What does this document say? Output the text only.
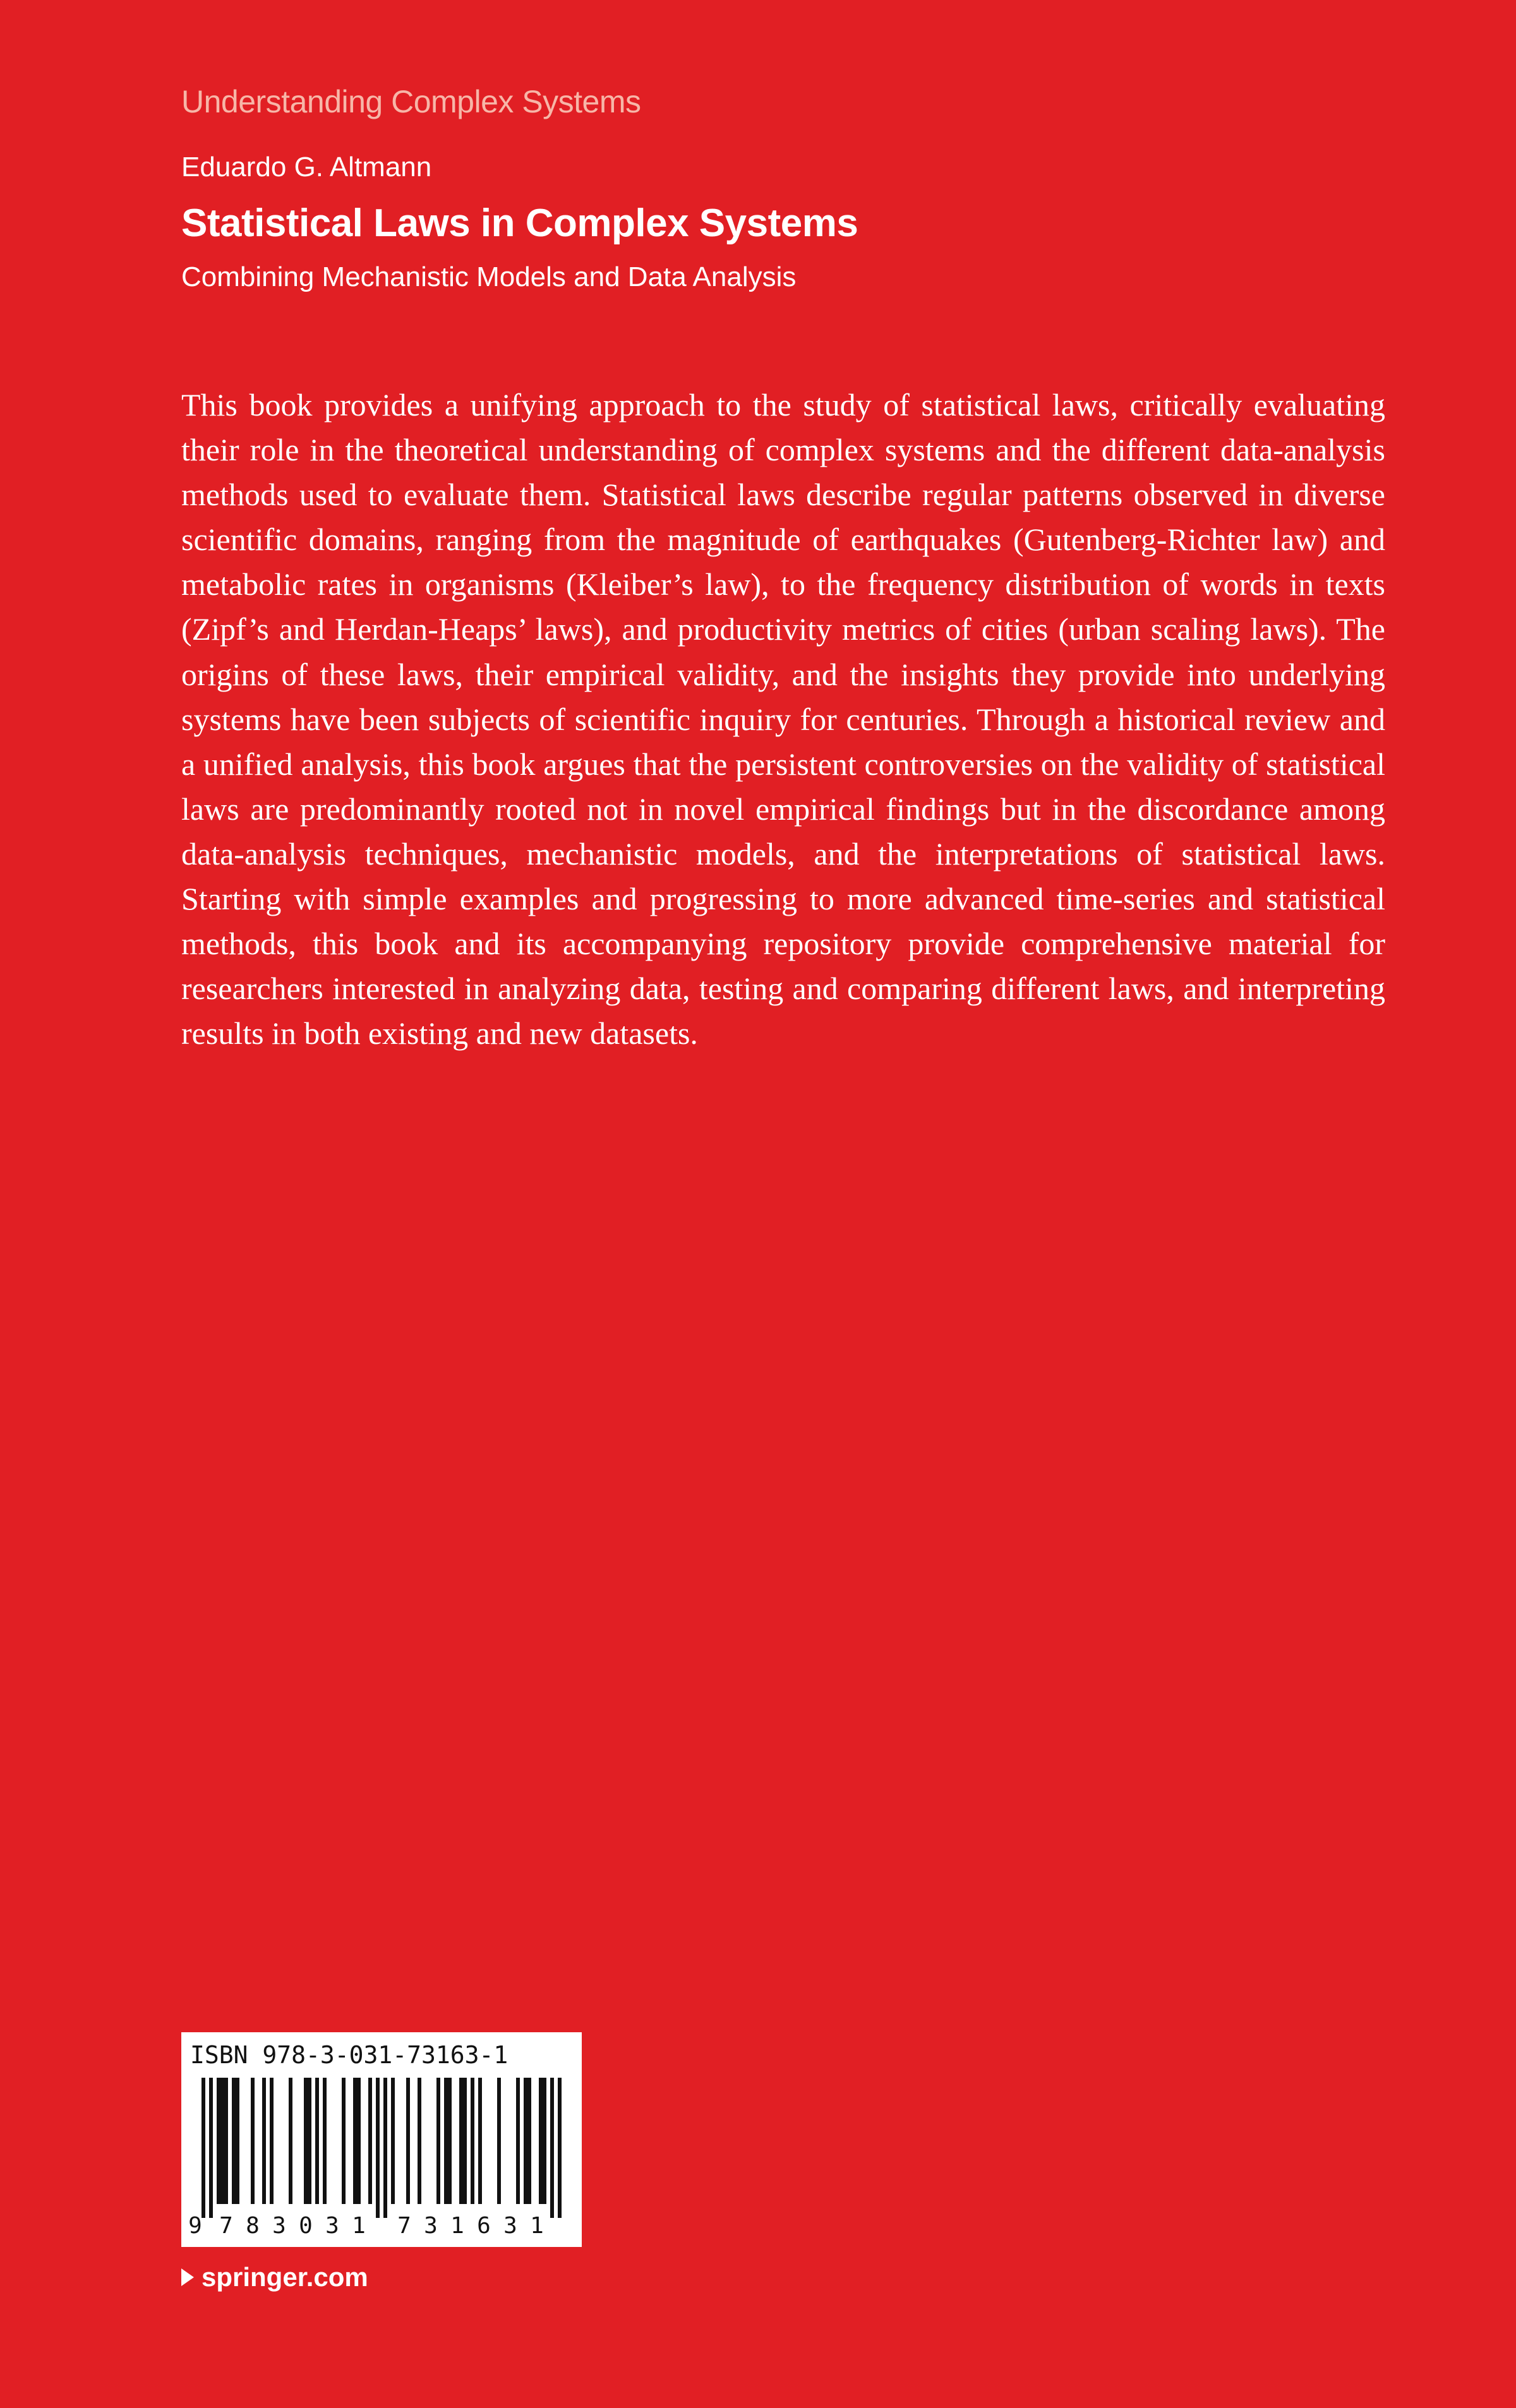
Understanding Complex Systems
Eduardo G. Altmann
Statistical Laws in Complex Systems
Combining Mechanistic Models and Data Analysis

This book provides a unifying approach to the study of statistical laws, critically evaluating their role in the theoretical understanding of complex systems and the different data-analysis methods used to evaluate them. Statistical laws describe regular patterns observed in diverse scientific domains, ranging from the magnitude of earthquakes (Gutenberg-Richter law) and metabolic rates in organisms (Kleiber’s law), to the frequency distribution of words in texts (Zipf’s and Herdan-Heaps’ laws), and productivity metrics of cities (urban scaling laws). The origins of these laws, their empirical validity, and the insights they provide into underlying systems have been subjects of scientific inquiry for centuries. Through a historical review and a unified analysis, this book argues that the persistent controversies on the validity of statistical laws are predominantly rooted not in novel empirical findings but in the discordance among data-analysis techniques, mechanistic models, and the interpretations of statistical laws. Starting with simple examples and progressing to more advanced time-series and statistical methods, this book and its accompanying repository provide comprehensive material for researchers interested in analyzing data, testing and comparing different laws, and interpreting results in both existing and new datasets.

ISBN 978-3-031-73163-1
9 7 8 3 0 3 1 7 3 1 6 3 1
springer.com
